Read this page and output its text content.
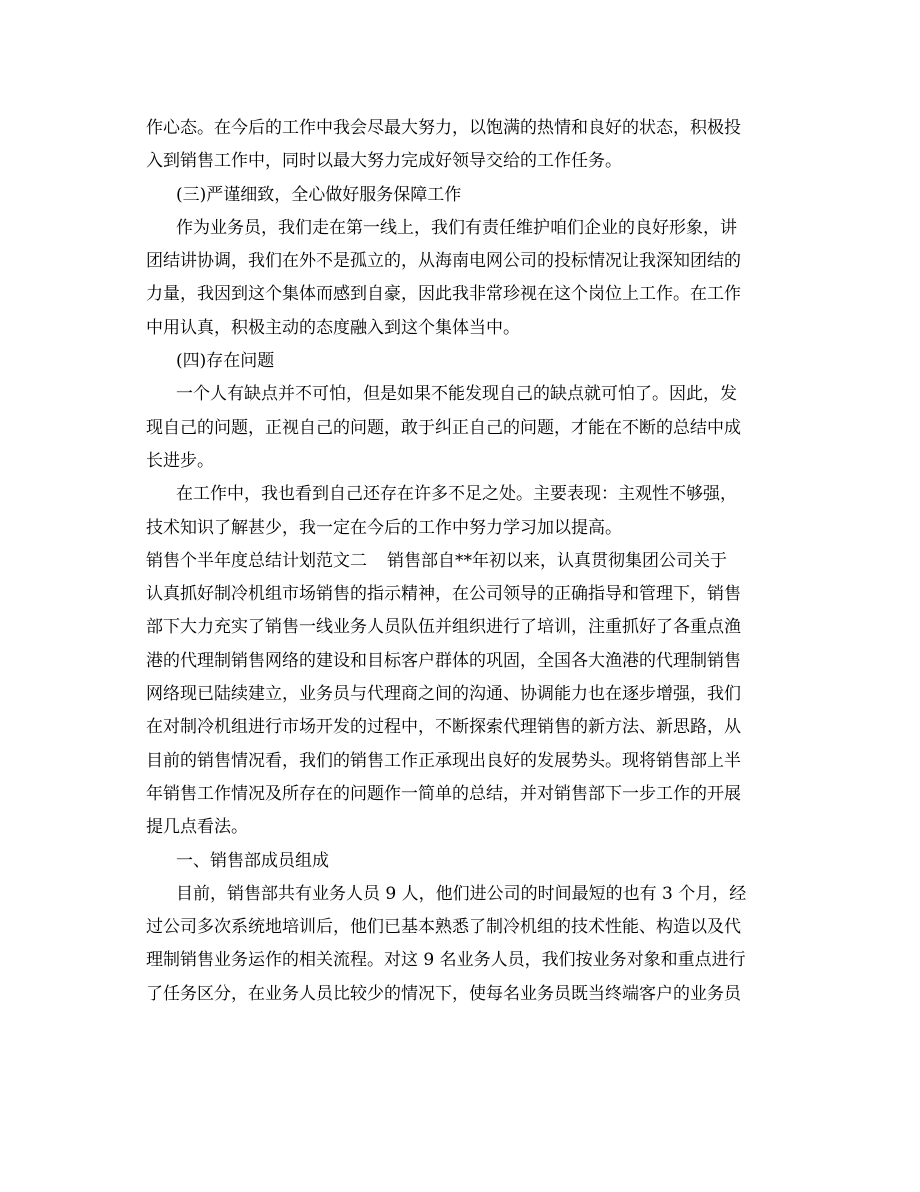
作心态。在今后的工作中我会尽最大努力，以饱满的热情和良好的状态，积极投
入到销售工作中，同时以最大努力完成好领导交给的工作任务。
(三)严谨细致，全心做好服务保障工作
作为业务员，我们走在第一线上，我们有责任维护咱们企业的良好形象，讲
团结讲协调，我们在外不是孤立的，从海南电网公司的投标情况让我深知团结的
力量，我因到这个集体而感到自豪，因此我非常珍视在这个岗位上工作。在工作
中用认真，积极主动的态度融入到这个集体当中。
(四)存在问题
一个人有缺点并不可怕，但是如果不能发现自己的缺点就可怕了。因此，发
现自己的问题，正视自己的问题，敢于纠正自己的问题，才能在不断的总结中成
长进步。
在工作中，我也看到自己还存在许多不足之处。主要表现：主观性不够强，
技术知识了解甚少，我一定在今后的工作中努力学习加以提高。
销售个半年度总结计划范文二 销售部自**年初以来，认真贯彻集团公司关于
认真抓好制冷机组市场销售的指示精神，在公司领导的正确指导和管理下，销售
部下大力充实了销售一线业务人员队伍并组织进行了培训，注重抓好了各重点渔
港的代理制销售网络的建设和目标客户群体的巩固，全国各大渔港的代理制销售
网络现已陆续建立，业务员与代理商之间的沟通、协调能力也在逐步增强，我们
在对制冷机组进行市场开发的过程中，不断探索代理销售的新方法、新思路，从
目前的销售情况看，我们的销售工作正承现出良好的发展势头。现将销售部上半
年销售工作情况及所存在的问题作一简单的总结，并对销售部下一步工作的开展
提几点看法。
一、销售部成员组成
目前，销售部共有业务人员 9 人，他们进公司的时间最短的也有 3 个月，经
过公司多次系统地培训后，他们已基本熟悉了制冷机组的技术性能、构造以及代
理制销售业务运作的相关流程。对这 9 名业务人员，我们按业务对象和重点进行
了任务区分，在业务人员比较少的情况下，使每名业务员既当终端客户的业务员
